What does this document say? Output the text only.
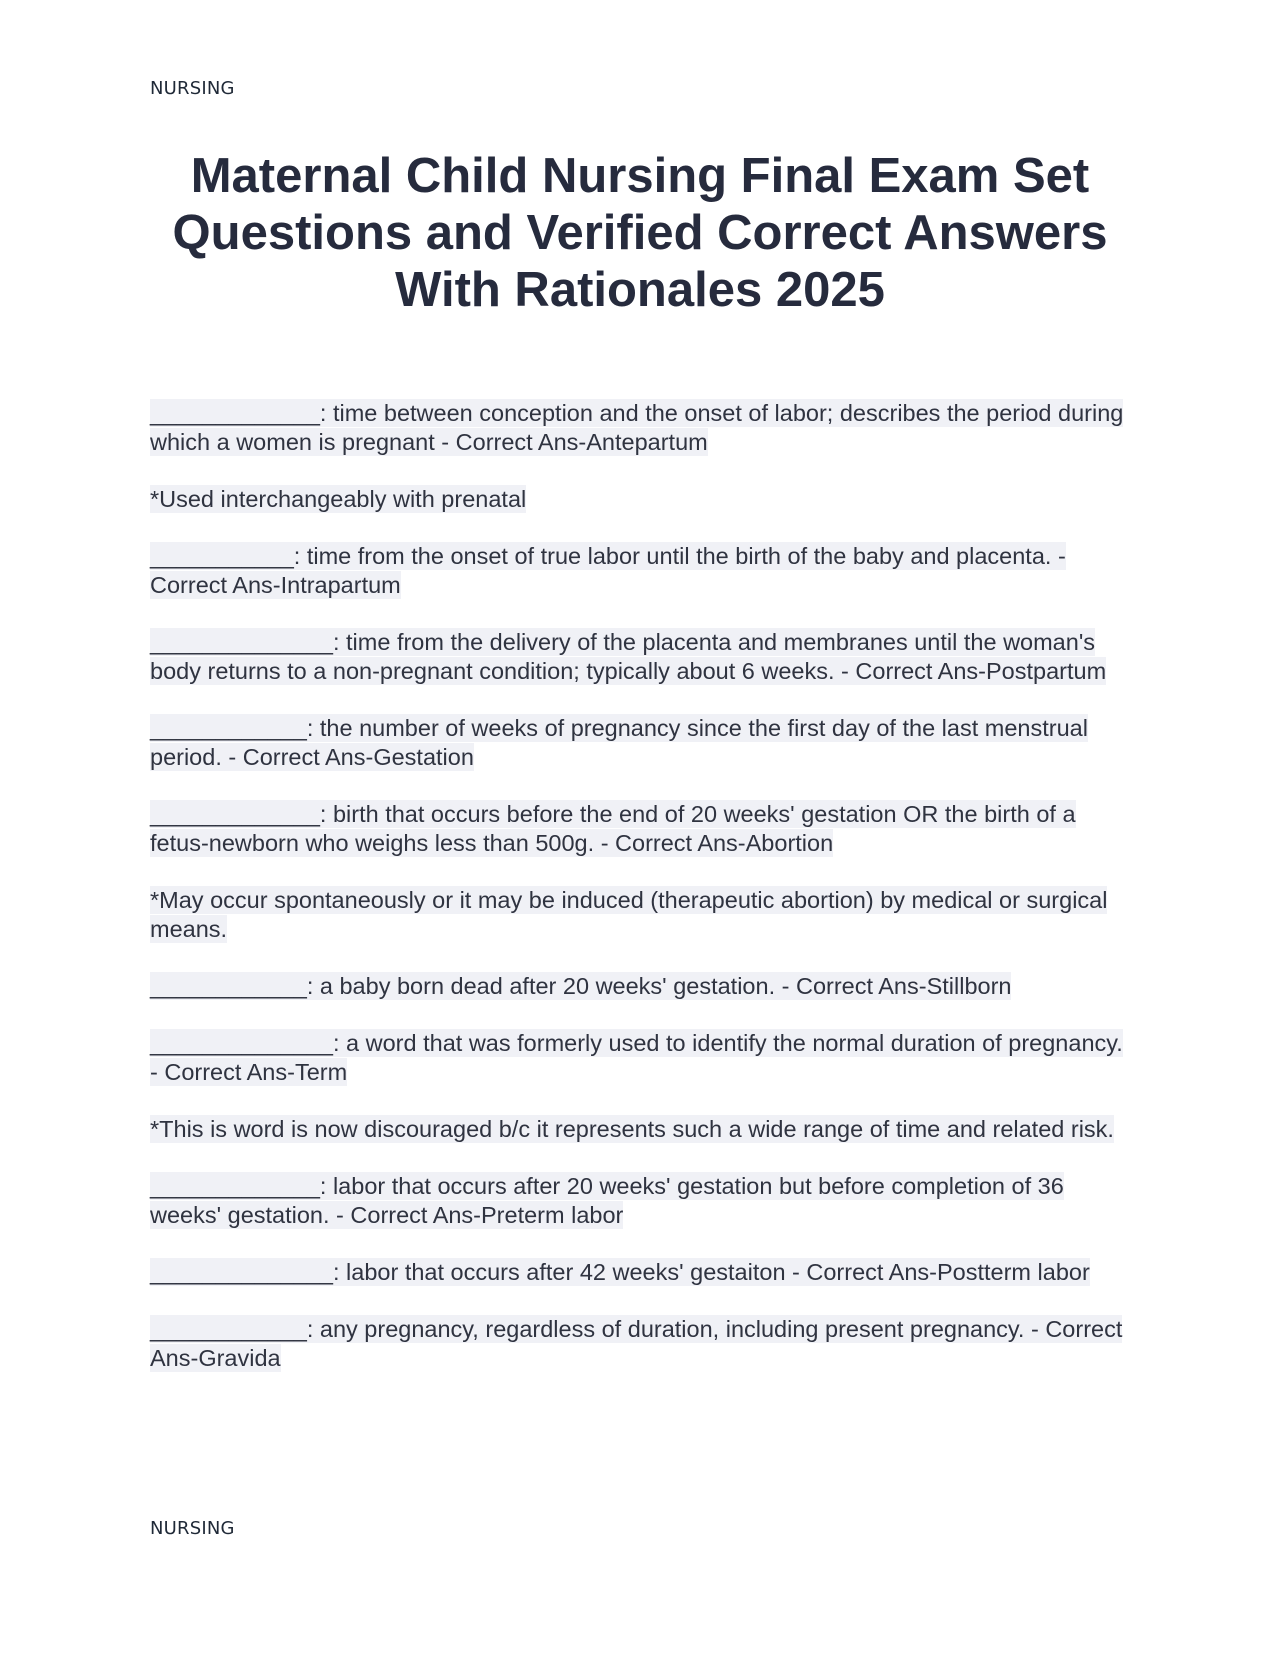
NURSING
Maternal Child Nursing Final Exam Set Questions and Verified Correct Answers With Rationales 2025

_____________: time between conception and the onset of labor; describes the period during which a women is pregnant - Correct Ans-Antepartum

*Used interchangeably with prenatal

___________: time from the onset of true labor until the birth of the baby and placenta. - Correct Ans-Intrapartum

______________: time from the delivery of the placenta and membranes until the woman's body returns to a non-pregnant condition; typically about 6 weeks. - Correct Ans-Postpartum

____________: the number of weeks of pregnancy since the first day of the last menstrual period. - Correct Ans-Gestation

_____________: birth that occurs before the end of 20 weeks' gestation OR the birth of a fetus-newborn who weighs less than 500g. - Correct Ans-Abortion

*May occur spontaneously or it may be induced (therapeutic abortion) by medical or surgical means.

____________: a baby born dead after 20 weeks' gestation. - Correct Ans-Stillborn

______________: a word that was formerly used to identify the normal duration of pregnancy. - Correct Ans-Term

*This is word is now discouraged b/c it represents such a wide range of time and related risk.

_____________: labor that occurs after 20 weeks' gestation but before completion of 36 weeks' gestation. - Correct Ans-Preterm labor

______________: labor that occurs after 42 weeks' gestaiton - Correct Ans-Postterm labor

____________: any pregnancy, regardless of duration, including present pregnancy. - Correct Ans-Gravida

NURSING
